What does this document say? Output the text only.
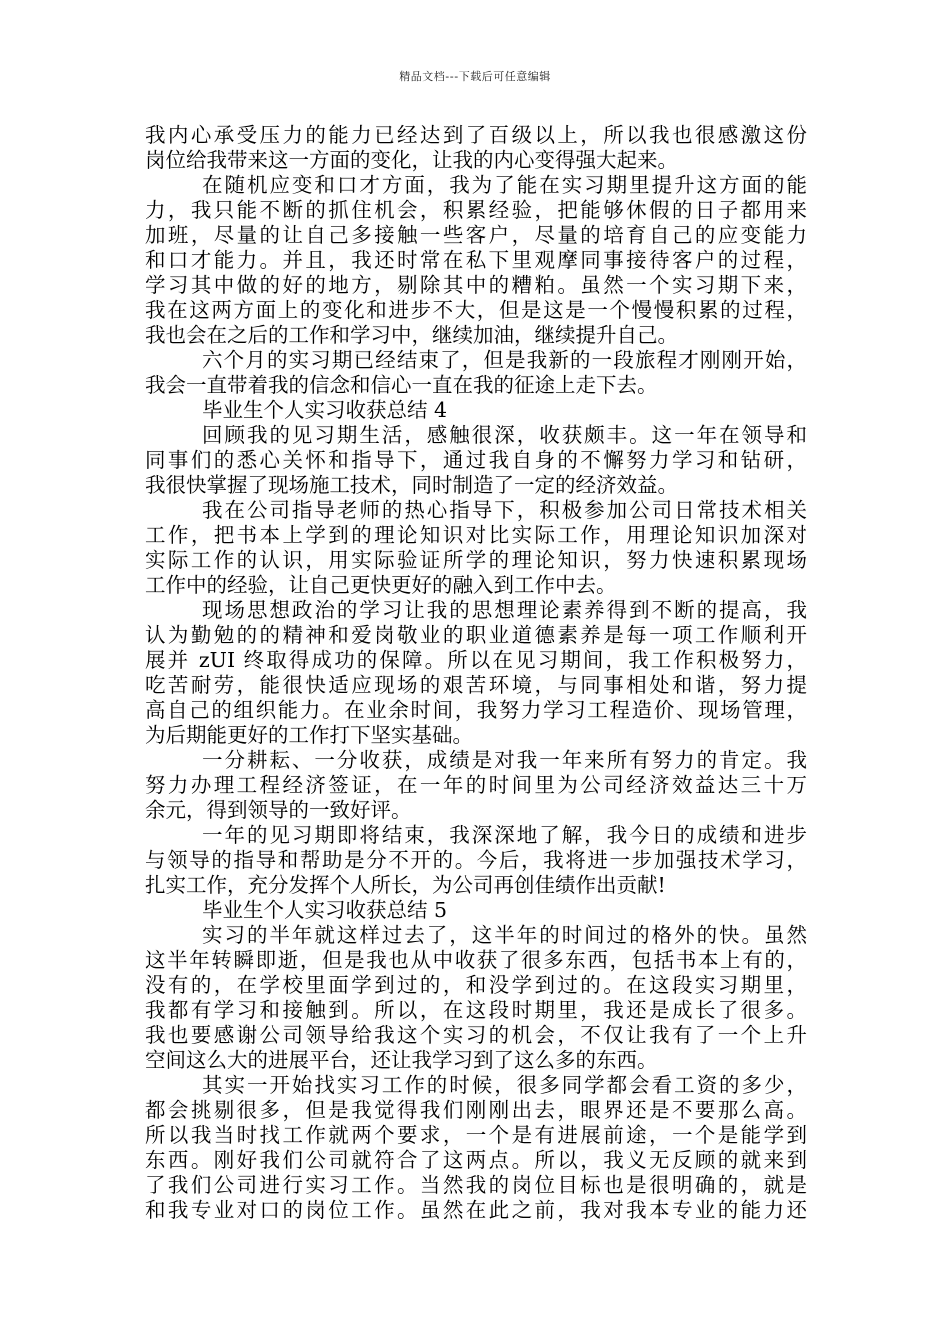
精品文档---下载后可任意编辑
我内心承受压力的能力已经达到了百级以上，所以我也很感激这份
岗位给我带来这一方面的变化，让我的内心变得强大起来。
在随机应变和口才方面，我为了能在实习期里提升这方面的能
力，我只能不断的抓住机会，积累经验，把能够休假的日子都用来
加班，尽量的让自己多接触一些客户，尽量的培育自己的应变能力
和口才能力。并且，我还时常在私下里观摩同事接待客户的过程，
学习其中做的好的地方，剔除其中的糟粕。虽然一个实习期下来，
我在这两方面上的变化和进步不大，但是这是一个慢慢积累的过程，
我也会在之后的工作和学习中，继续加油，继续提升自己。
六个月的实习期已经结束了，但是我新的一段旅程才刚刚开始，
我会一直带着我的信念和信心一直在我的征途上走下去。
毕业生个人实习收获总结 4
回顾我的见习期生活，感触很深，收获颇丰。这一年在领导和
同事们的悉心关怀和指导下，通过我自身的不懈努力学习和钻研，
我很快掌握了现场施工技术，同时制造了一定的经济效益。
我在公司指导老师的热心指导下，积极参加公司日常技术相关
工作，把书本上学到的理论知识对比实际工作，用理论知识加深对
实际工作的认识，用实际验证所学的理论知识，努力快速积累现场
工作中的经验，让自己更快更好的融入到工作中去。
现场思想政治的学习让我的思想理论素养得到不断的提高，我
认为勤勉的的精神和爱岗敬业的职业道德素养是每一项工作顺利开
展并 zUI 终取得成功的保障。所以在见习期间，我工作积极努力，
吃苦耐劳，能很快适应现场的艰苦环境，与同事相处和谐，努力提
高自己的组织能力。在业余时间，我努力学习工程造价、现场管理，
为后期能更好的工作打下坚实基础。
一分耕耘、一分收获，成绩是对我一年来所有努力的肯定。我
努力办理工程经济签证，在一年的时间里为公司经济效益达三十万
余元，得到领导的一致好评。
一年的见习期即将结束，我深深地了解，我今日的成绩和进步
与领导的指导和帮助是分不开的。今后，我将进一步加强技术学习，
扎实工作，充分发挥个人所长，为公司再创佳绩作出贡献!
毕业生个人实习收获总结 5
实习的半年就这样过去了，这半年的时间过的格外的快。虽然
这半年转瞬即逝，但是我也从中收获了很多东西，包括书本上有的，
没有的，在学校里面学到过的，和没学到过的。在这段实习期里，
我都有学习和接触到。所以，在这段时期里，我还是成长了很多。
我也要感谢公司领导给我这个实习的机会，不仅让我有了一个上升
空间这么大的进展平台，还让我学习到了这么多的东西。
其实一开始找实习工作的时候，很多同学都会看工资的多少，
都会挑剔很多，但是我觉得我们刚刚出去，眼界还是不要那么高。
所以我当时找工作就两个要求，一个是有进展前途，一个是能学到
东西。刚好我们公司就符合了这两点。所以，我义无反顾的就来到
了我们公司进行实习工作。当然我的岗位目标也是很明确的，就是
和我专业对口的岗位工作。虽然在此之前，我对我本专业的能力还
